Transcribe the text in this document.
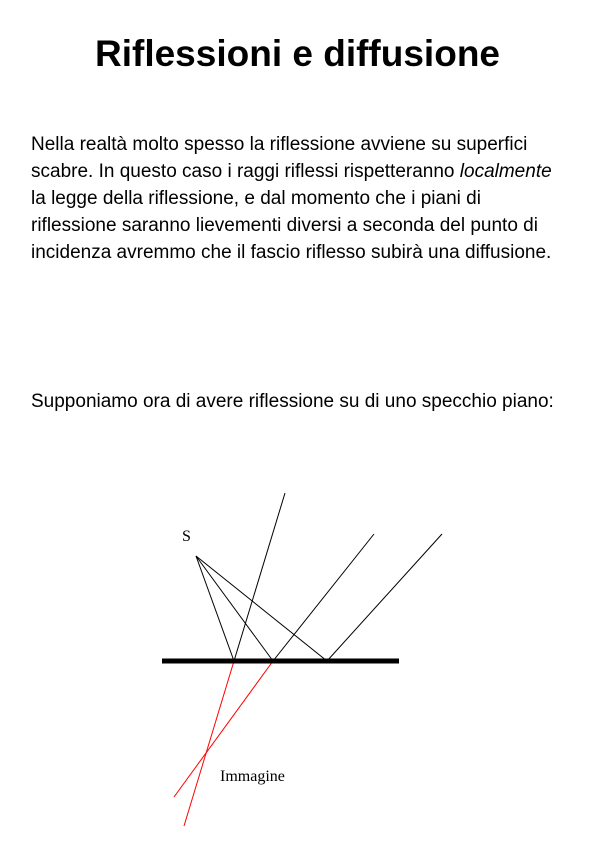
Riflessioni e diffusione

Nella realtà molto spesso la riflessione avviene su superfici scabre. In questo caso i raggi riflessi rispetteranno localmente la legge della riflessione, e dal momento che i piani di riflessione saranno lievementi diversi a seconda del punto di incidenza avremmo che il fascio riflesso subirà una diffusione.

Supponiamo ora di avere riflessione su di uno specchio piano:

S
Immagine
